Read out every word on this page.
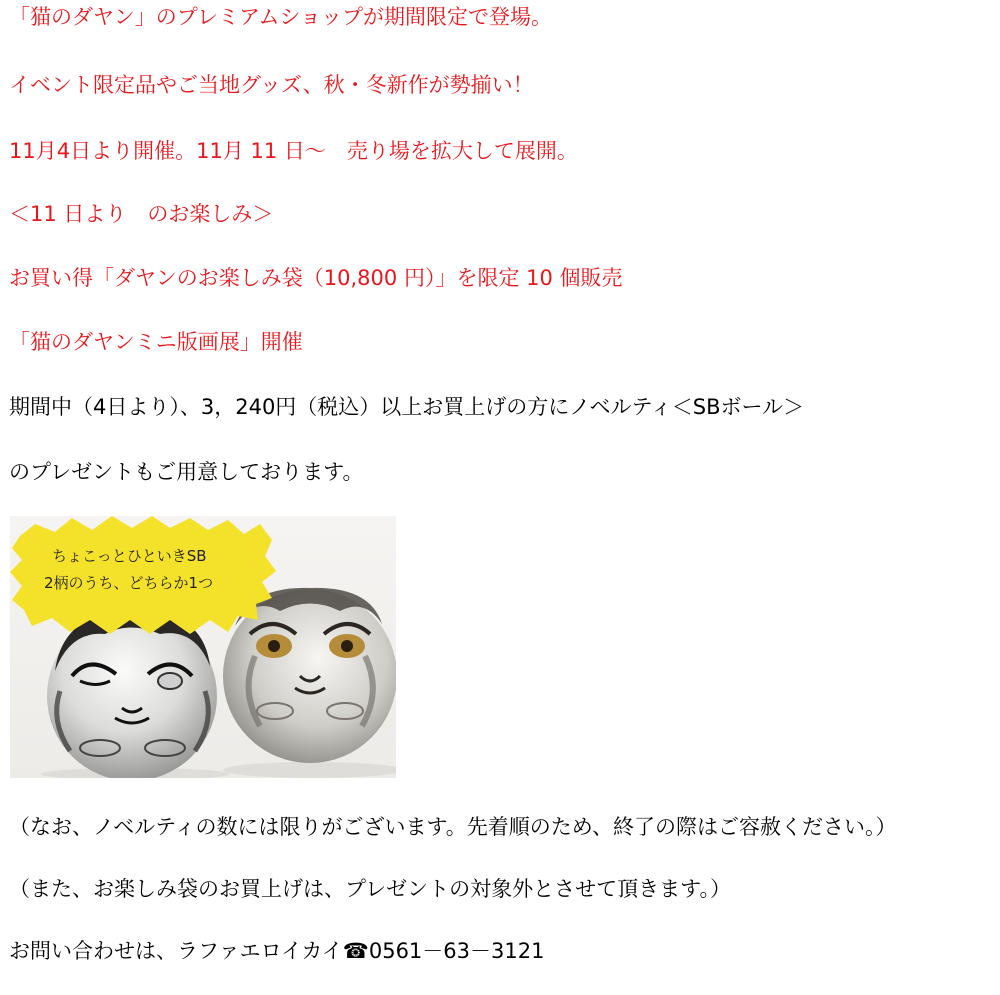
「猫のダヤン」のプレミアムショップが期間限定で登場。
イベント限定品やご当地グッズ、秋・冬新作が勢揃い！
11月4日より開催。11月 11 日～　売り場を拡大して展開。
＜11 日より　のお楽しみ＞
お買い得「ダヤンのお楽しみ袋（10,800 円）」を限定 10 個販売
「猫のダヤンミニ版画展」開催
期間中（4日より）、3，240円（税込）以上お買上げの方にノベルティ＜SBボール＞
のプレゼントもご用意しております。
ちょこっとひといきSB
2柄のうち、どちらか1つ
（なお、ノベルティの数には限りがございます。先着順のため、終了の際はご容赦ください。）
（また、お楽しみ袋のお買上げは、プレゼントの対象外とさせて頂きます。）
お問い合わせは、ラファエロイカイ☎0561－63－3121
